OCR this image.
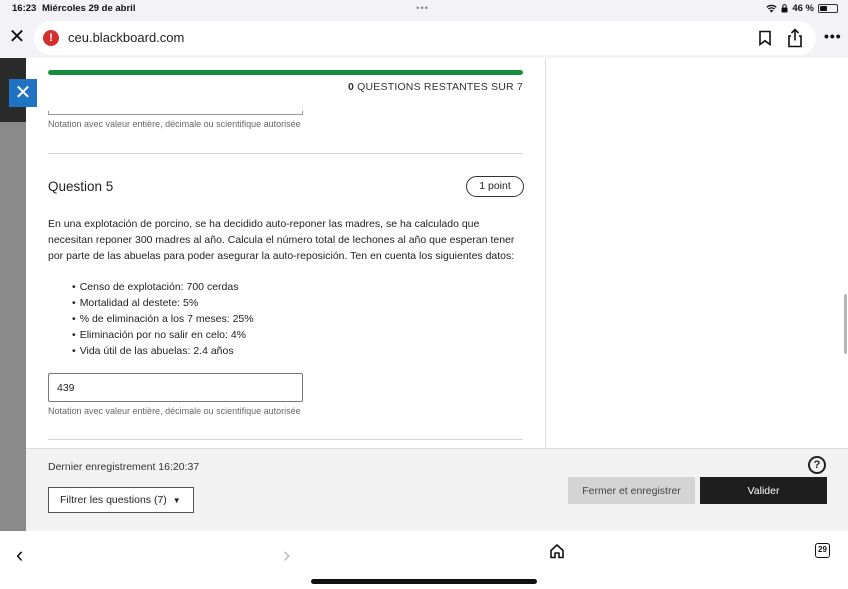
16:23 Miércoles 29 de abril	•••	46 %
✕	!	ceu.blackboard.com	•••
✕	0 QUESTIONS RESTANTES SUR 7
Notation avec valeur entière, décimale ou scientifique autorisée
Question 5	1 point

En una explotación de porcino, se ha decidido auto-reponer las madres, se ha calculado que necesitan reponer 300 madres al año. Calcula el número total de lechones al año que esperan tener por parte de las abuelas para poder asegurar la auto-reposición. Ten en cuenta los siguientes datos:

• Censo de explotación: 700 cerdas
• Mortalidad al destete: 5%
• % de eliminación a los 7 meses: 25%
• Eliminación por no salir en celo: 4%
• Vida útil de las abuelas: 2.4 años
439
Notation avec valeur entière, décimale ou scientifique autorisée
Dernier enregistrement 16:20:37	?
Filtrer les questions (7) ▼
Fermer et enregistrer	Valider
‹	›	29
